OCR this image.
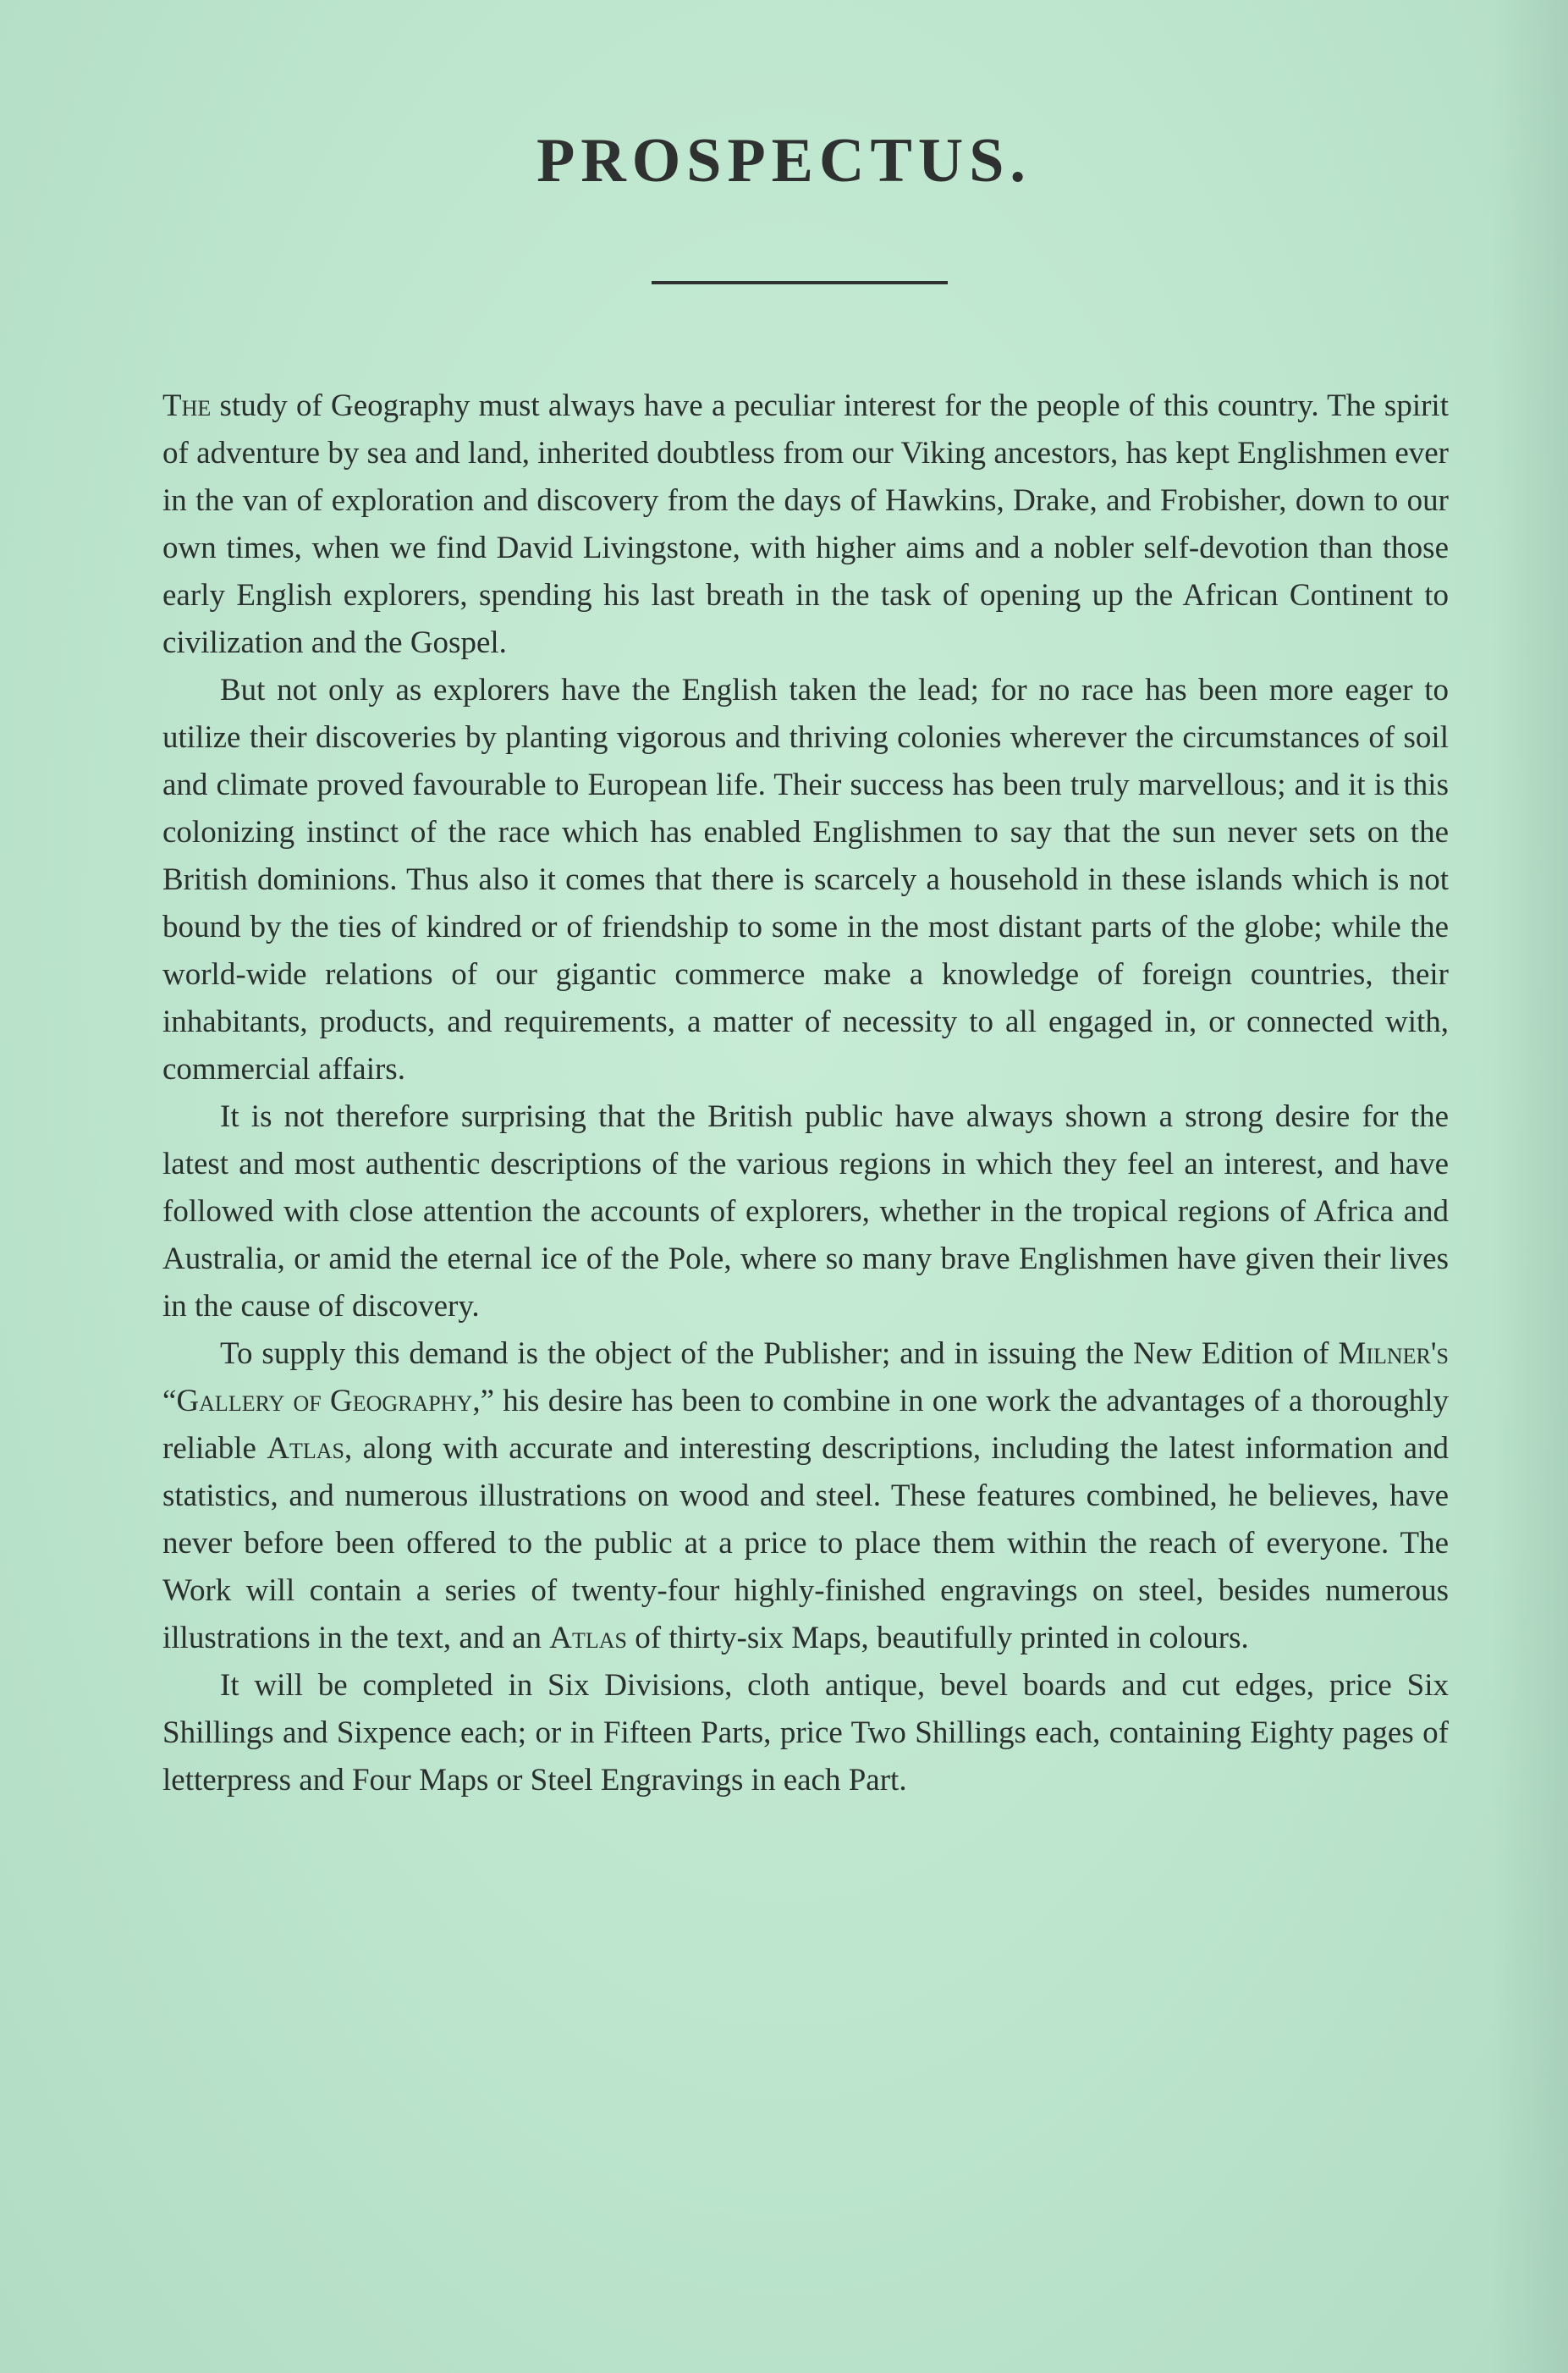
PROSPECTUS.

The study of Geography must always have a peculiar interest for the people of this country. The spirit of adventure by sea and land, inherited doubtless from our Viking ancestors, has kept Englishmen ever in the van of exploration and discovery from the days of Hawkins, Drake, and Frobisher, down to our own times, when we find David Livingstone, with higher aims and a nobler self-devotion than those early English explorers, spending his last breath in the task of opening up the African Continent to civilization and the Gospel.

But not only as explorers have the English taken the lead; for no race has been more eager to utilize their discoveries by planting vigorous and thriving colonies wherever the circumstances of soil and climate proved favourable to European life. Their success has been truly marvellous; and it is this colonizing instinct of the race which has enabled Englishmen to say that the sun never sets on the British dominions. Thus also it comes that there is scarcely a household in these islands which is not bound by the ties of kindred or of friendship to some in the most distant parts of the globe; while the world-wide relations of our gigantic commerce make a knowledge of foreign countries, their inhabitants, products, and requirements, a matter of necessity to all engaged in, or connected with, commercial affairs.

It is not therefore surprising that the British public have always shown a strong desire for the latest and most authentic descriptions of the various regions in which they feel an interest, and have followed with close attention the accounts of explorers, whether in the tropical regions of Africa and Australia, or amid the eternal ice of the Pole, where so many brave Englishmen have given their lives in the cause of discovery.

To supply this demand is the object of the Publisher; and in issuing the New Edition of Milner's “Gallery of Geography,” his desire has been to combine in one work the advantages of a thoroughly reliable Atlas, along with accurate and interesting descriptions, including the latest information and statistics, and numerous illustrations on wood and steel. These features combined, he believes, have never before been offered to the public at a price to place them within the reach of everyone. The Work will contain a series of twenty-four highly-finished engravings on steel, besides numerous illustrations in the text, and an Atlas of thirty-six Maps, beautifully printed in colours.

It will be completed in Six Divisions, cloth antique, bevel boards and cut edges, price Six Shillings and Sixpence each; or in Fifteen Parts, price Two Shillings each, containing Eighty pages of letterpress and Four Maps or Steel Engravings in each Part.
